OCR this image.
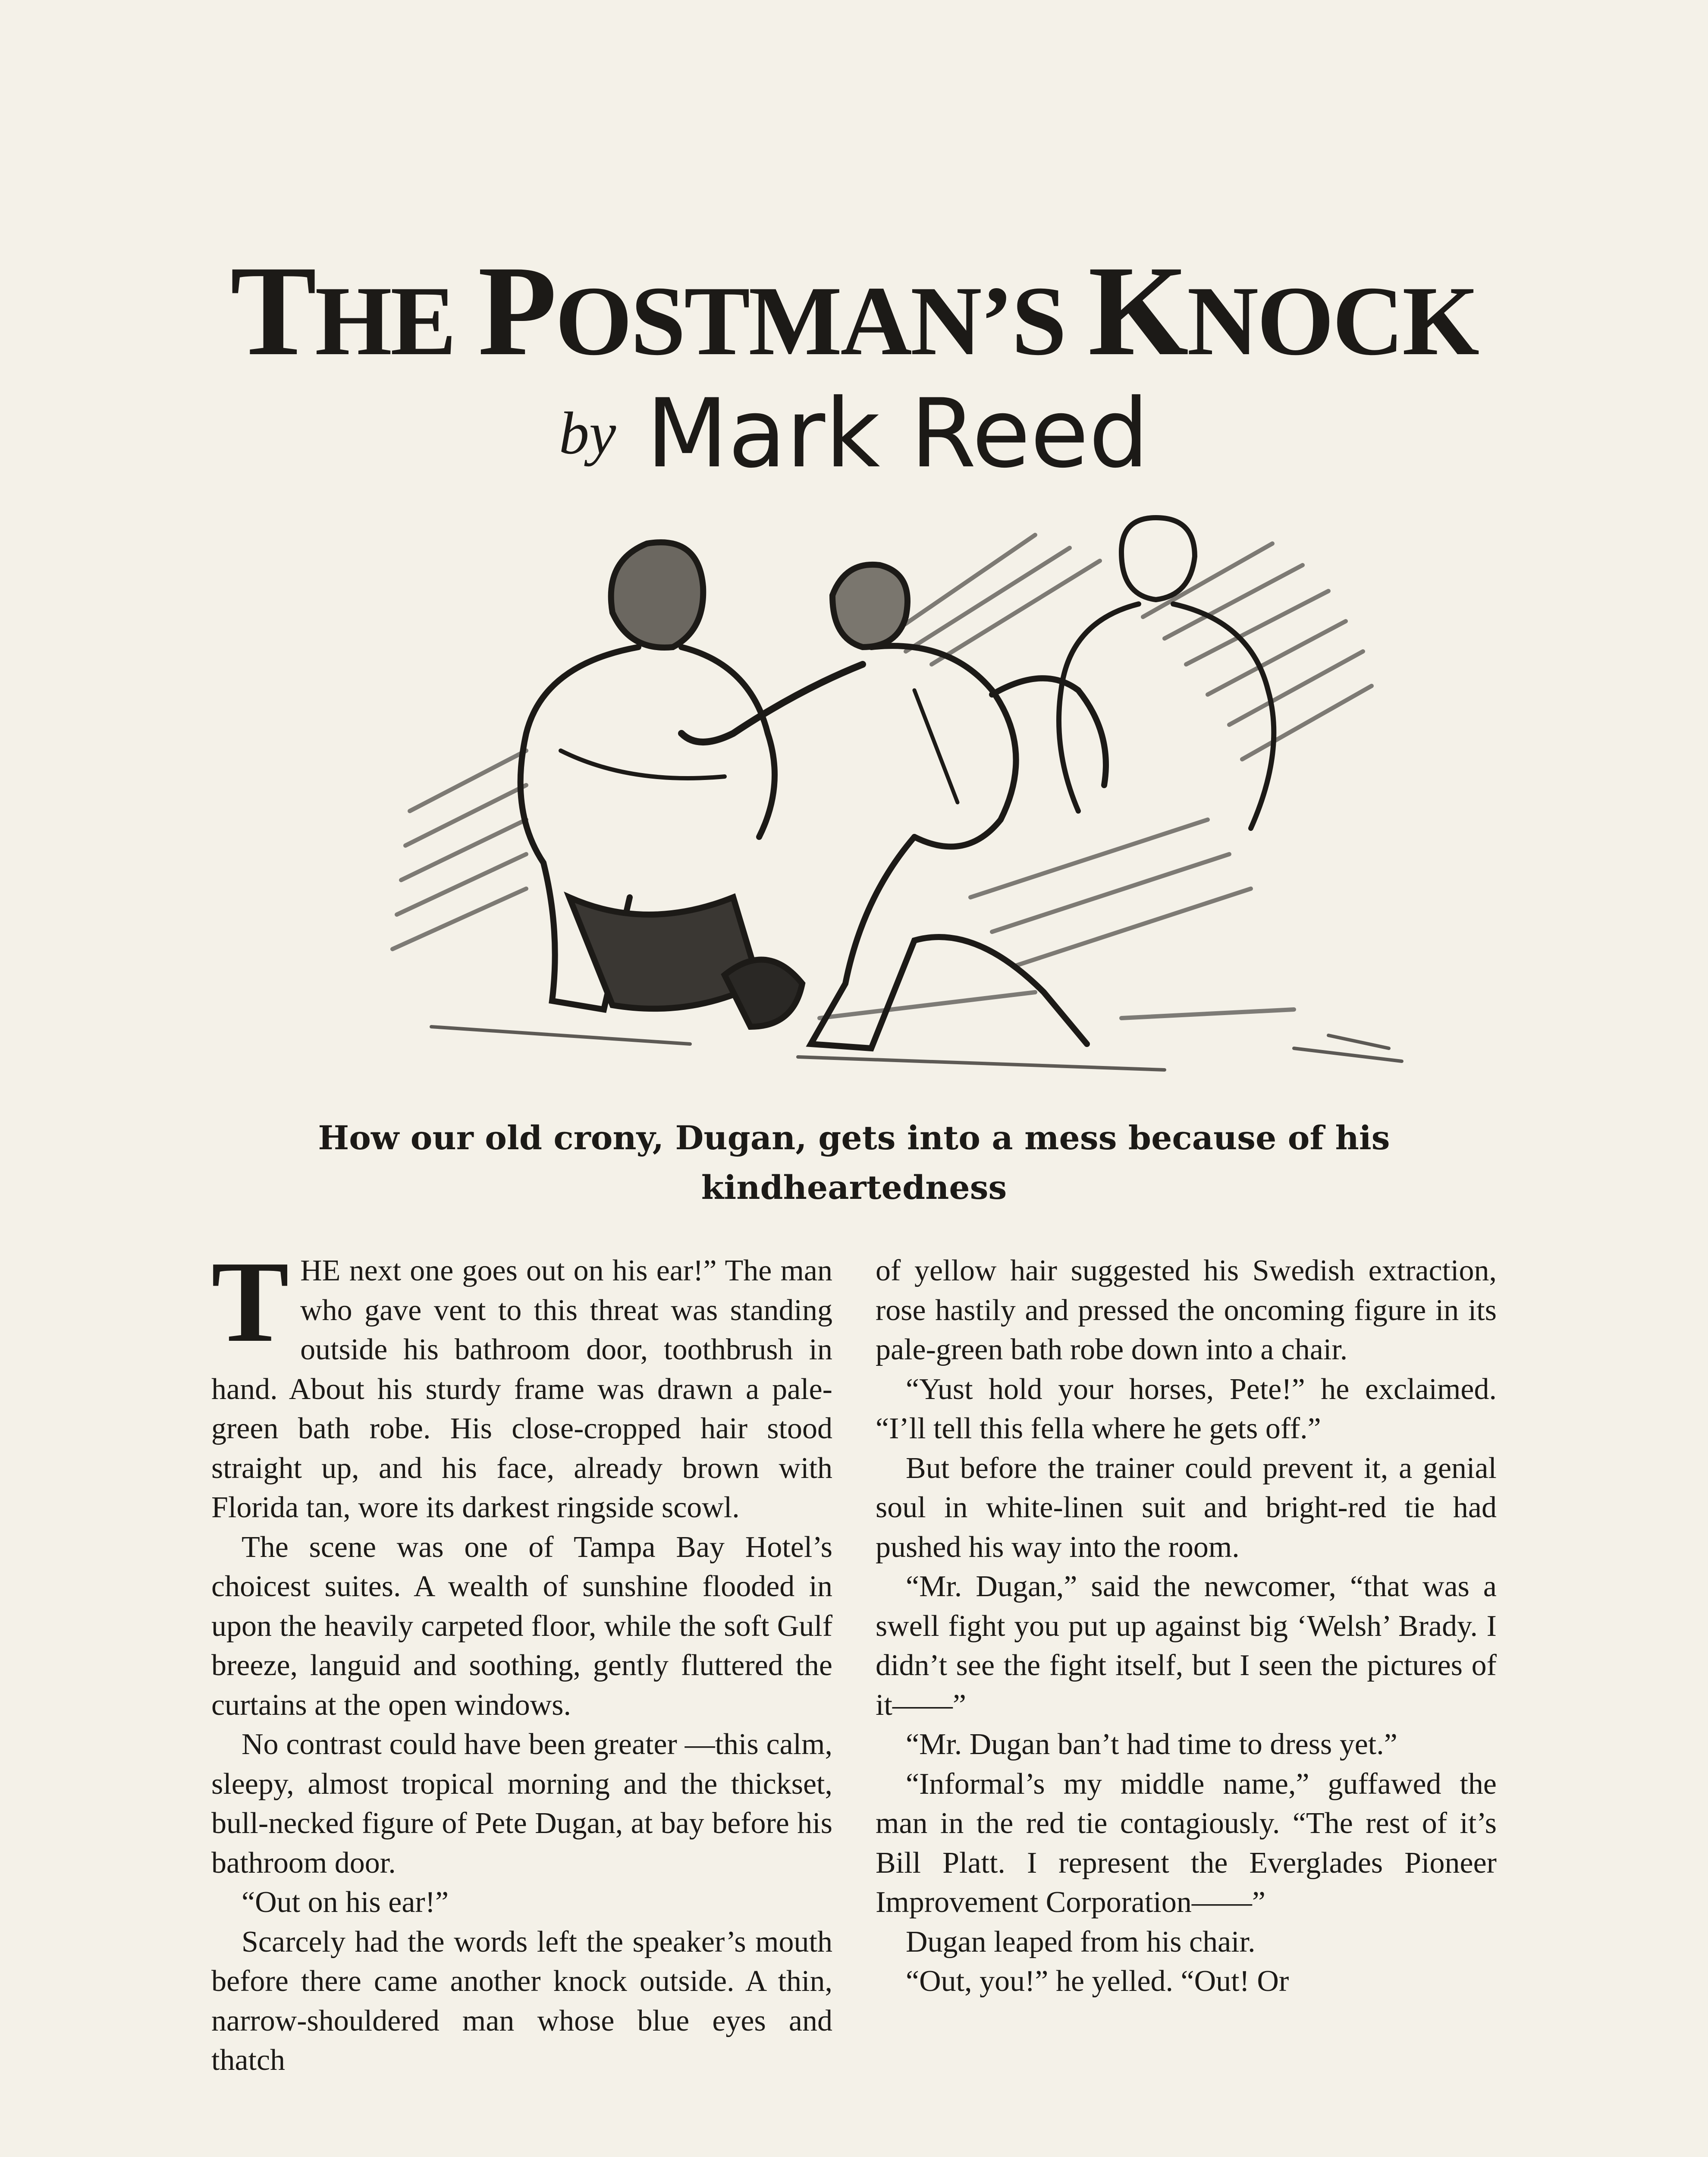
THE POSTMAN’S KNOCK
$^{by}$ Mark Reed
How our old crony, Dugan, gets into a mess because of his kindheartedness

THE next one goes out on his ear!” The man who gave vent to this threat was standing outside his bathroom door, toothbrush in hand. About his sturdy frame was drawn a pale-green bath robe. His close-cropped hair stood straight up, and his face, already brown with Florida tan, wore its darkest ringside scowl.

The scene was one of Tampa Bay Hotel’s choicest suites. A wealth of sunshine flooded in upon the heavily carpeted floor, while the soft Gulf breeze, languid and soothing, gently fluttered the curtains at the open windows.

No contrast could have been greater —this calm, sleepy, almost tropical morning and the thickset, bull-necked figure of Pete Dugan, at bay before his bathroom door.

“Out on his ear!”

Scarcely had the words left the speaker’s mouth before there came another knock outside. A thin, narrow-shouldered man whose blue eyes and thatch

of yellow hair suggested his Swedish extraction, rose hastily and pressed the oncoming figure in its pale-green bath robe down into a chair.

“Yust hold your horses, Pete!” he exclaimed. “I’ll tell this fella where he gets off.”

But before the trainer could prevent it, a genial soul in white-linen suit and bright-red tie had pushed his way into the room.

“Mr. Dugan,” said the newcomer, “that was a swell fight you put up against big ‘Welsh’ Brady. I didn’t see the fight itself, but I seen the pictures of it——”

“Mr. Dugan ban’t had time to dress yet.”

“Informal’s my middle name,” guffawed the man in the red tie contagiously. “The rest of it’s Bill Platt. I represent the Everglades Pioneer Improvement Corporation——”

Dugan leaped from his chair.

“Out, you!” he yelled. “Out! Or
